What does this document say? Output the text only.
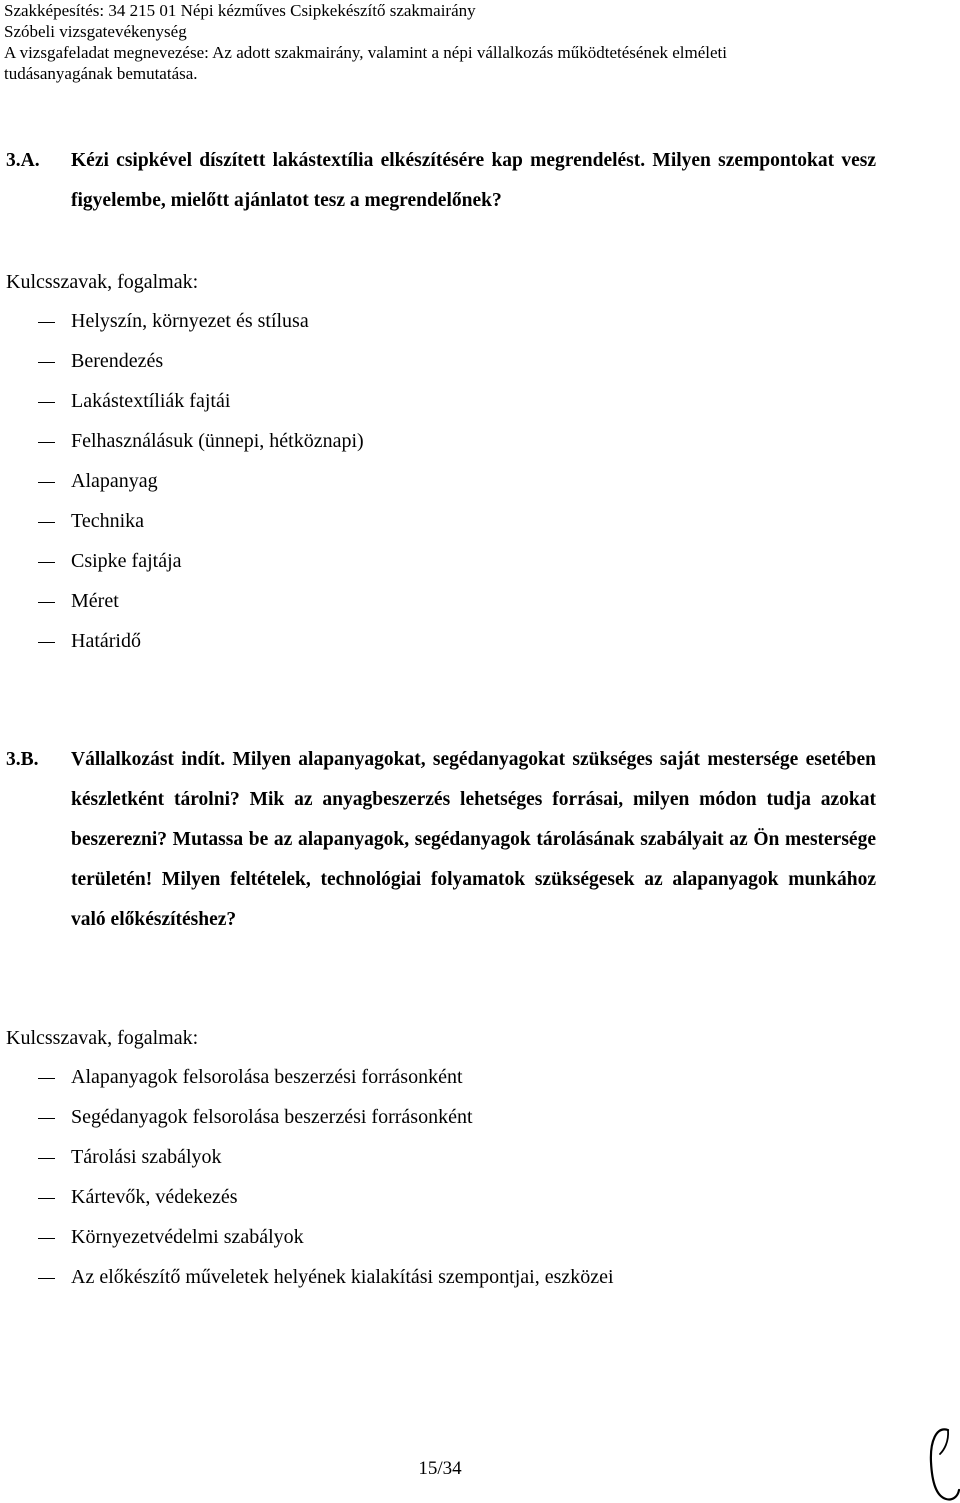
Szakképesítés: 34 215 01 Népi kézműves Csipkekészítő szakmairány
Szóbeli vizsgatevékenység
A vizsgafeladat megnevezése: Az adott szakmairány, valamint a népi vállalkozás működtetésének elméleti
tudásanyagának bemutatása.
3.A. Kézi csipkével díszített lakástextília elkészítésére kap megrendelést. Milyen szempontokat vesz figyelembe, mielőtt ajánlatot tesz a megrendelőnek?
Kulcsszavak, fogalmak:
Helyszín, környezet és stílusa
Berendezés
Lakástextíliák fajtái
Felhasználásuk (ünnepi, hétköznapi)
Alapanyag
Technika
Csipke fajtája
Méret
Határidő
3.B. Vállalkozást indít. Milyen alapanyagokat, segédanyagokat szükséges saját mestersége esetében készletként tárolni? Mik az anyagbeszerzés lehetséges forrásai, milyen módon tudja azokat beszerezni? Mutassa be az alapanyagok, segédanyagok tárolásának szabályait az Ön mestersége területén! Milyen feltételek, technológiai folyamatok szükségesek az alapanyagok munkához való előkészítéshez?
Kulcsszavak, fogalmak:
Alapanyagok felsorolása beszerzési forrásonként
Segédanyagok felsorolása beszerzési forrásonként
Tárolási szabályok
Kártevők, védekezés
Környezetvédelmi szabályok
Az előkészítő műveletek helyének kialakítási szempontjai, eszközei
15/34
